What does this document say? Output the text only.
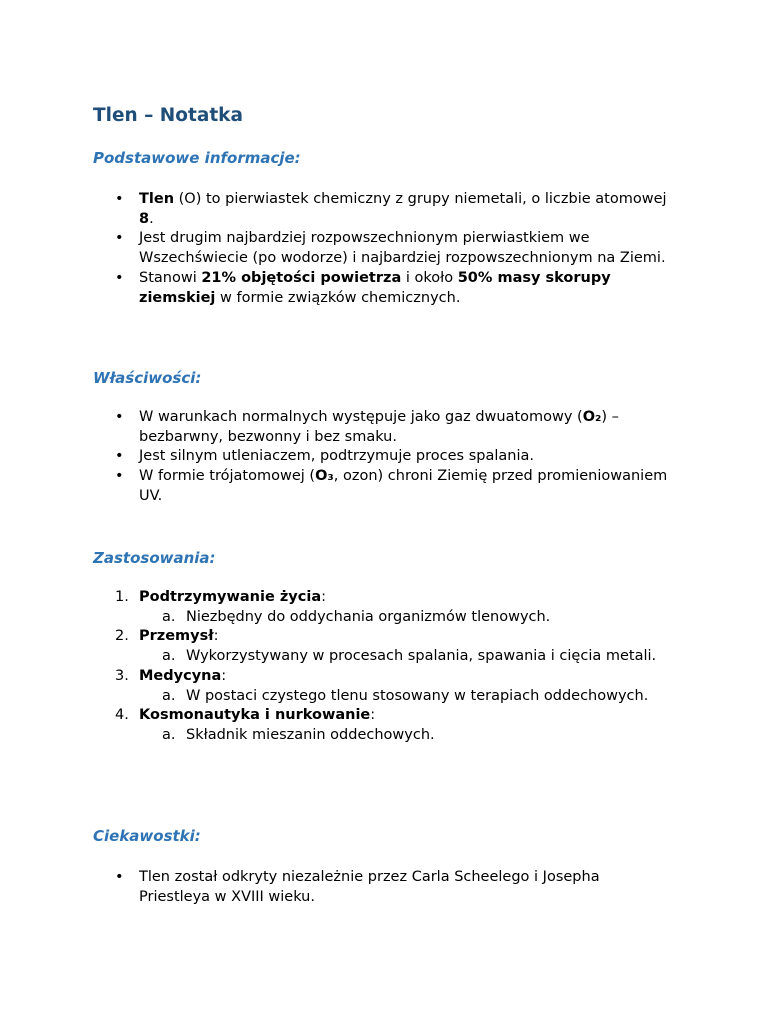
Tlen – Notatka
Podstawowe informacje:
• Tlen (O) to pierwiastek chemiczny z grupy niemetali, o liczbie atomowej 8.
• Jest drugim najbardziej rozpowszechnionym pierwiastkiem we Wszechświecie (po wodorze) i najbardziej rozpowszechnionym na Ziemi.
• Stanowi 21% objętości powietrza i około 50% masy skorupy ziemskiej w formie związków chemicznych.
Właściwości:
• W warunkach normalnych występuje jako gaz dwuatomowy (O₂) – bezbarwny, bezwonny i bez smaku.
• Jest silnym utleniaczem, podtrzymuje proces spalania.
• W formie trójatomowej (O₃, ozon) chroni Ziemię przed promieniowaniem UV.
Zastosowania:
1. Podtrzymywanie życia:
a. Niezbędny do oddychania organizmów tlenowych.
2. Przemysł:
a. Wykorzystywany w procesach spalania, spawania i cięcia metali.
3. Medycyna:
a. W postaci czystego tlenu stosowany w terapiach oddechowych.
4. Kosmonautyka i nurkowanie:
a. Składnik mieszanin oddechowych.
Ciekawostki:
• Tlen został odkryty niezależnie przez Carla Scheelego i Josepha Priestleya w XVIII wieku.
